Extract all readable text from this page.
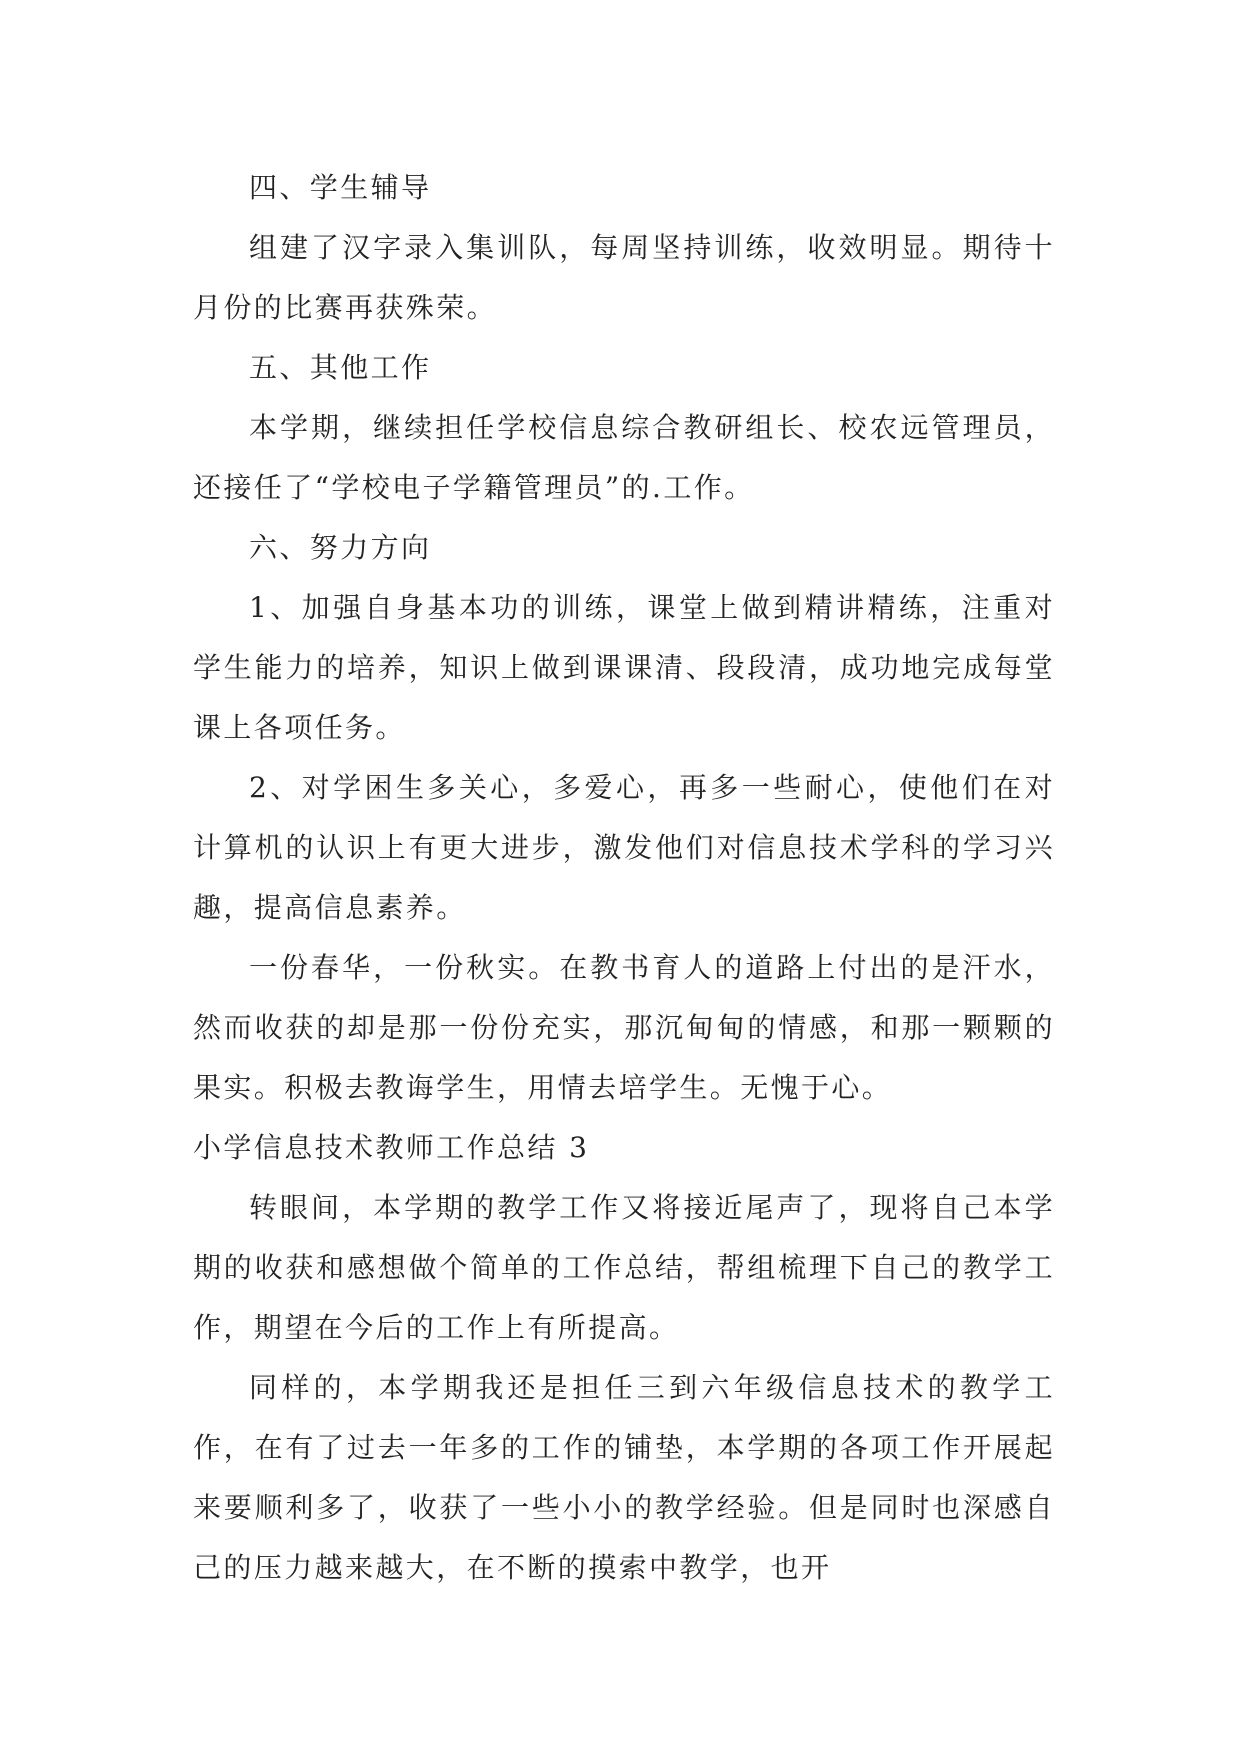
四、学生辅导

组建了汉字录入集训队，每周坚持训练，收效明显。期待十月份的比赛再获殊荣。

五、其他工作

本学期，继续担任学校信息综合教研组长、校农远管理员，还接任了“学校电子学籍管理员”的.工作。

六、努力方向

1、加强自身基本功的训练，课堂上做到精讲精练，注重对学生能力的培养，知识上做到课课清、段段清，成功地完成每堂课上各项任务。

2、对学困生多关心，多爱心，再多一些耐心，使他们在对计算机的认识上有更大进步，激发他们对信息技术学科的学习兴趣，提高信息素养。

一份春华，一份秋实。在教书育人的道路上付出的是汗水，然而收获的却是那一份份充实，那沉甸甸的情感，和那一颗颗的果实。积极去教诲学生，用情去培学生。无愧于心。

小学信息技术教师工作总结 3

转眼间，本学期的教学工作又将接近尾声了，现将自己本学期的收获和感想做个简单的工作总结，帮组梳理下自己的教学工作，期望在今后的工作上有所提高。

同样的，本学期我还是担任三到六年级信息技术的教学工作，在有了过去一年多的工作的铺垫，本学期的各项工作开展起来要顺利多了，收获了一些小小的教学经验。但是同时也深感自己的压力越来越大，在不断的摸索中教学，也开
